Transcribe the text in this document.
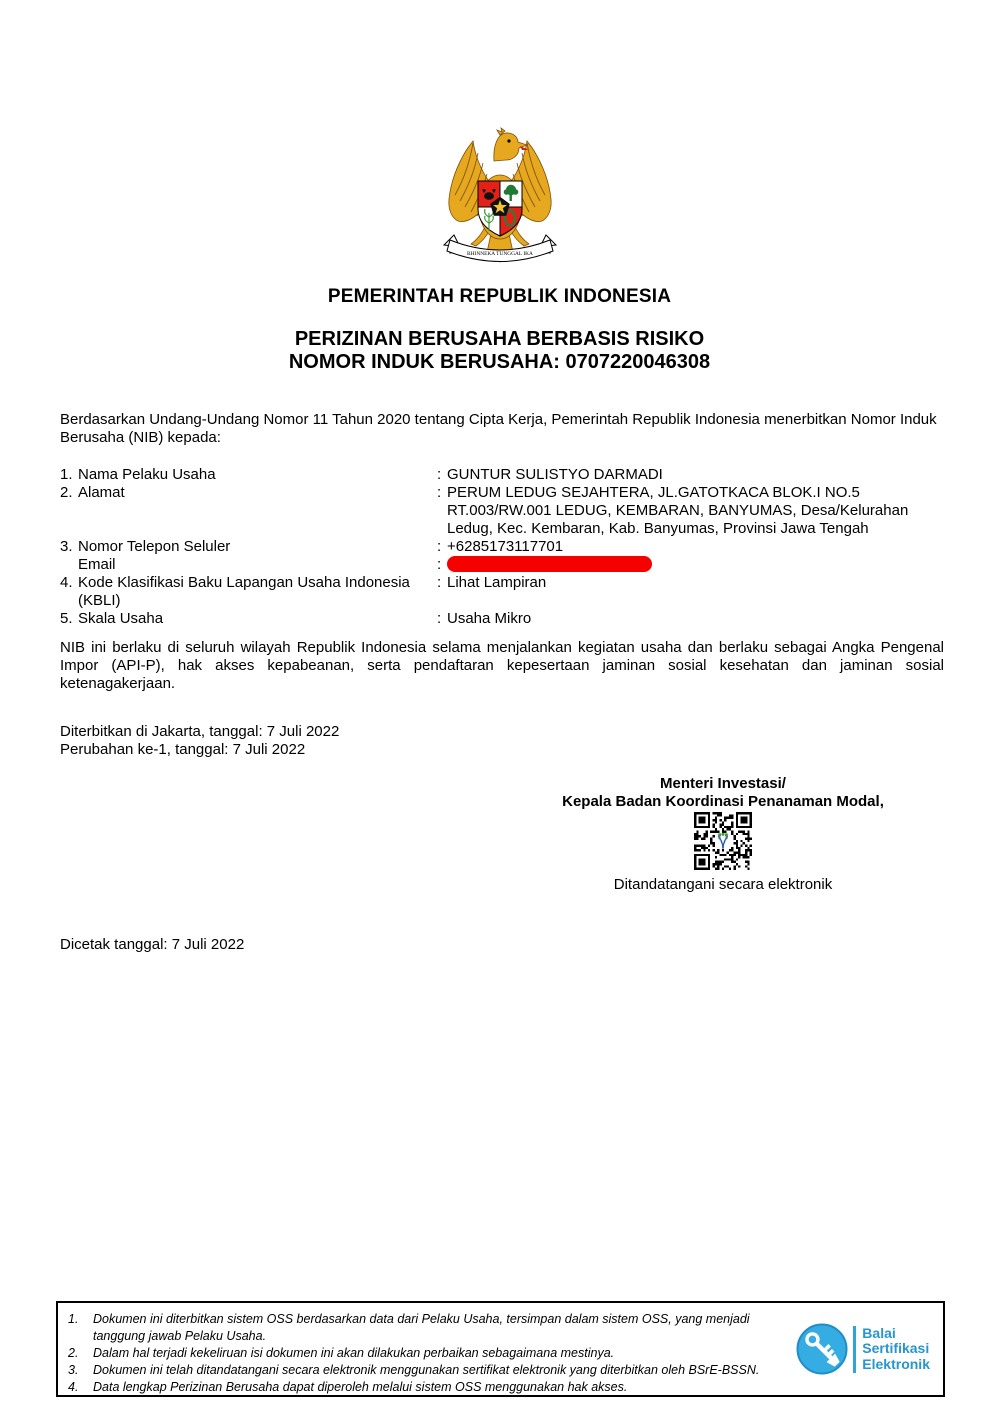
BHINNEKA TUNGGAL IKA
PEMERINTAH REPUBLIK INDONESIA
PERIZINAN BERUSAHA BERBASIS RISIKO
NOMOR INDUK BERUSAHA: 0707220046308
Berdasarkan Undang-Undang Nomor 11 Tahun 2020 tentang Cipta Kerja, Pemerintah Republik Indonesia menerbitkan Nomor Induk Berusaha (NIB) kepada:
1. Nama Pelaku Usaha	: GUNTUR SULISTYO DARMADI
2. Alamat	: PERUM LEDUG SEJAHTERA, JL.GATOTKACA BLOK.I NO.5
RT.003/RW.001 LEDUG, KEMBARAN, BANYUMAS, Desa/Kelurahan
Ledug, Kec. Kembaran, Kab. Banyumas, Provinsi Jawa Tengah
3. Nomor Telepon Seluler	: +6285173117701
Email	:
4. Kode Klasifikasi Baku Lapangan Usaha Indonesia	: Lihat Lampiran
(KBLI)
5. Skala Usaha	: Usaha Mikro
NIB ini berlaku di seluruh wilayah Republik Indonesia selama menjalankan kegiatan usaha dan berlaku sebagai Angka Pengenal Impor (API-P), hak akses kepabeanan, serta pendaftaran kepesertaan jaminan sosial kesehatan dan jaminan sosial ketenagakerjaan.
Diterbitkan di Jakarta, tanggal: 7 Juli 2022
Perubahan ke-1, tanggal: 7 Juli 2022
Menteri Investasi/
Kepala Badan Koordinasi Penanaman Modal,
Ditandatangani secara elektronik
Dicetak tanggal: 7 Juli 2022
1.	Dokumen ini diterbitkan sistem OSS berdasarkan data dari Pelaku Usaha, tersimpan dalam sistem OSS, yang menjadi tanggung jawab Pelaku Usaha.
2.	Dalam hal terjadi kekeliruan isi dokumen ini akan dilakukan perbaikan sebagaimana mestinya.
3.	Dokumen ini telah ditandatangani secara elektronik menggunakan sertifikat elektronik yang diterbitkan oleh BSrE-BSSN.
4.	Data lengkap Perizinan Berusaha dapat diperoleh melalui sistem OSS menggunakan hak akses.
Balai
Sertifikasi
Elektronik
